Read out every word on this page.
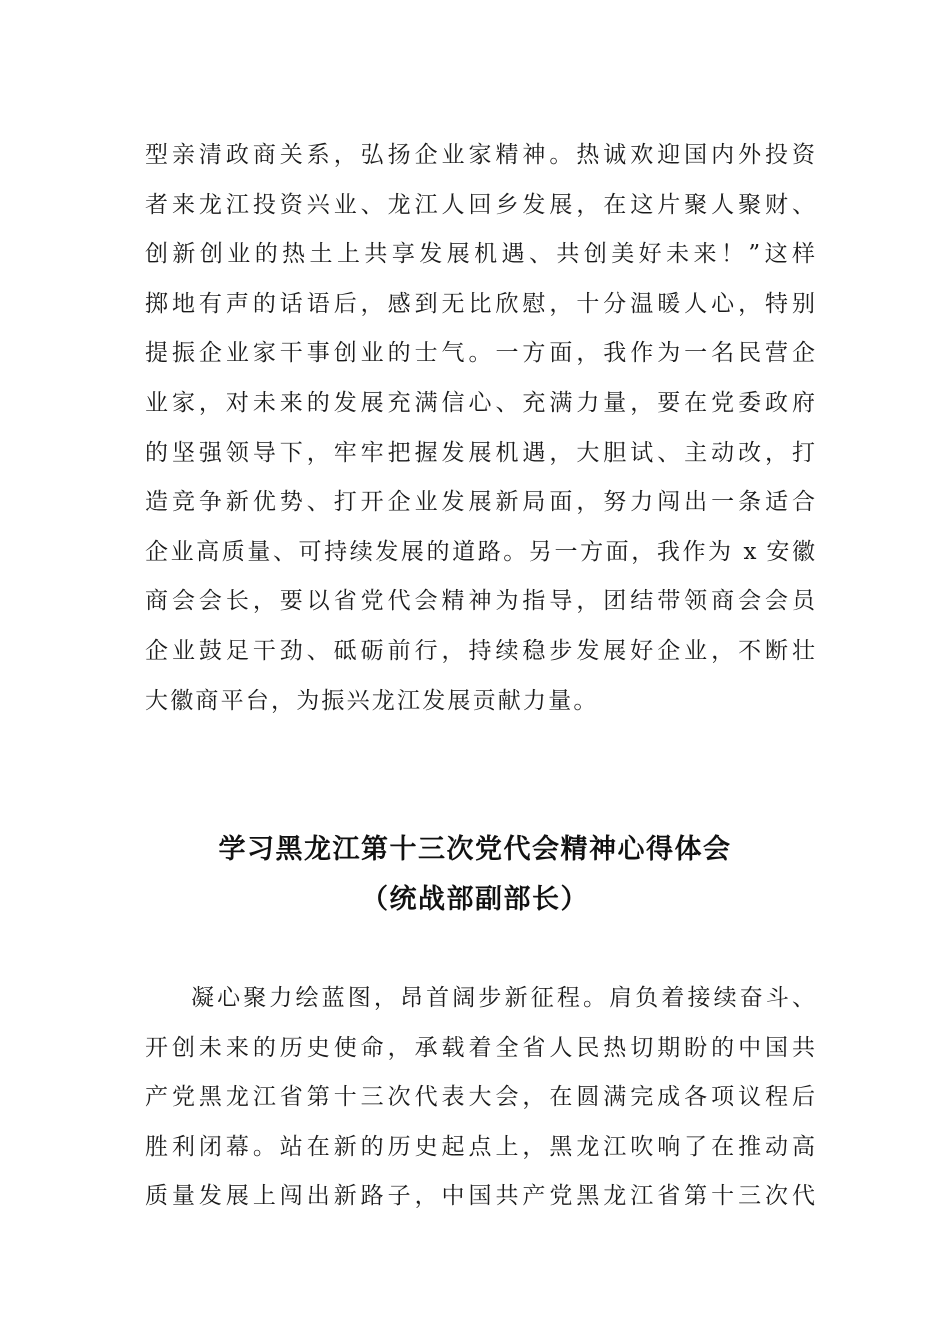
型亲清政商关系，弘扬企业家精神。热诚欢迎国内外投资
者来龙江投资兴业、龙江人回乡发展，在这片聚人聚财、
创新创业的热土上共享发展机遇、共创美好未来！”这样
掷地有声的话语后，感到无比欣慰，十分温暖人心，特别
提振企业家干事创业的士气。一方面，我作为一名民营企
业家，对未来的发展充满信心、充满力量，要在党委政府
的坚强领导下，牢牢把握发展机遇，大胆试、主动改，打
造竞争新优势、打开企业发展新局面，努力闯出一条适合
企业高质量、可持续发展的道路。另一方面，我作为 x 安徽
商会会长，要以省党代会精神为指导，团结带领商会会员
企业鼓足干劲、砥砺前行，持续稳步发展好企业，不断壮
大徽商平台，为振兴龙江发展贡献力量。
学习黑龙江第十三次党代会精神心得体会
（统战部副部长）
凝心聚力绘蓝图，昂首阔步新征程。肩负着接续奋斗、
开创未来的历史使命，承载着全省人民热切期盼的中国共
产党黑龙江省第十三次代表大会，在圆满完成各项议程后
胜利闭幕。站在新的历史起点上，黑龙江吹响了在推动高
质量发展上闯出新路子，中国共产党黑龙江省第十三次代
